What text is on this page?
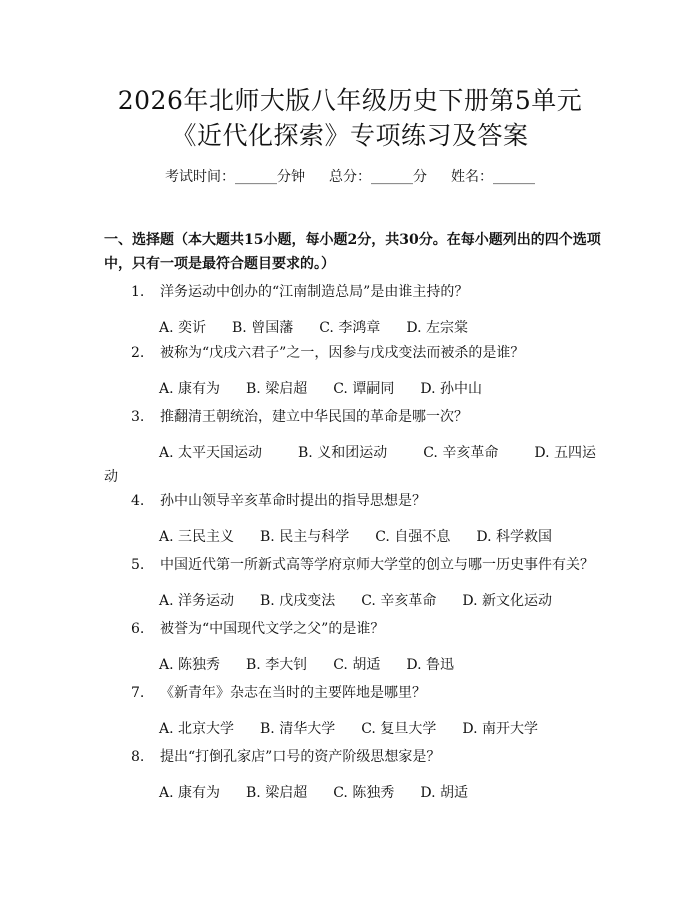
2026年北师大版八年级历史下册第5单元
《近代化探索》专项练习及答案
考试时间：______分钟 总分：______分 姓名：______

一、选择题（本大题共15小题，每小题2分，共30分。在每小题列出的四个选项中，只有一项是最符合题目要求的。）

1. 洋务运动中创办的“江南制造总局”是由谁主持的？
A. 奕䜣 B. 曾国藩 C. 李鸿章 D. 左宗棠
2. 被称为“戊戌六君子”之一，因参与戊戌变法而被杀的是谁？
A. 康有为 B. 梁启超 C. 谭嗣同 D. 孙中山
3. 推翻清王朝统治，建立中华民国的革命是哪一次？
A. 太平天国运动	B. 义和团运动	C. 辛亥革命	D. 五四运
动
4. 孙中山领导辛亥革命时提出的指导思想是？
A. 三民主义 B. 民主与科学 C. 自强不息 D. 科学救国
5. 中国近代第一所新式高等学府京师大学堂的创立与哪一历史事件有关？
A. 洋务运动 B. 戊戌变法 C. 辛亥革命 D. 新文化运动
6. 被誉为“中国现代文学之父”的是谁？
A. 陈独秀 B. 李大钊 C. 胡适 D. 鲁迅
7. 《新青年》杂志在当时的主要阵地是哪里？
A. 北京大学 B. 清华大学 C. 复旦大学 D. 南开大学
8. 提出“打倒孔家店”口号的资产阶级思想家是？
A. 康有为 B. 梁启超 C. 陈独秀 D. 胡适
